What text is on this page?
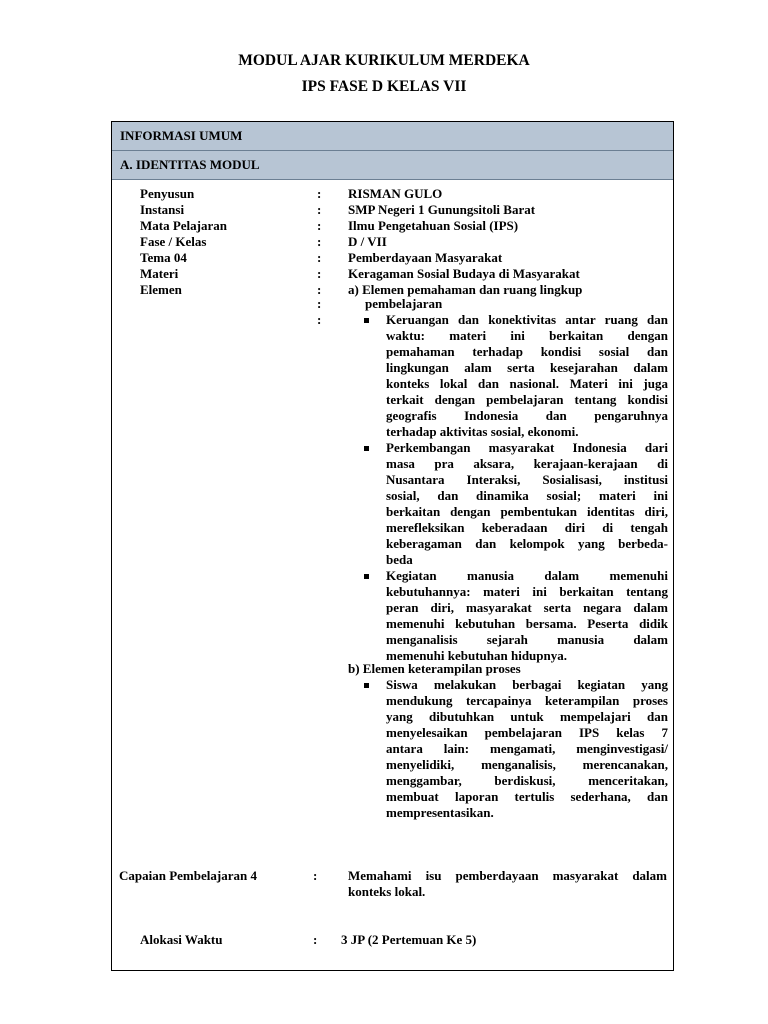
MODUL AJAR KURIKULUM MERDEKA
IPS FASE D KELAS VII
INFORMASI UMUM
A. IDENTITAS MODUL
Penyusun	: RISMAN GULO
Instansi	: SMP Negeri 1 Gunungsitoli Barat
Mata Pelajaran	: Ilmu Pengetahuan Sosial (IPS)
Fase / Kelas	: D / VII
Tema 04	: Pemberdayaan Masyarakat
Materi	: Keragaman Sosial Budaya di Masyarakat
Elemen	: a) Elemen pemahaman dan ruang lingkup
:	pembelajaran
:	Keruangan dan konektivitas antar ruang dan
waktu: materi ini berkaitan dengan
pemahaman terhadap kondisi sosial dan
lingkungan alam serta kesejarahan dalam
konteks lokal dan nasional. Materi ini juga
terkait dengan pembelajaran tentang kondisi
geografis Indonesia dan pengaruhnya
terhadap aktivitas sosial, ekonomi.
Perkembangan masyarakat Indonesia dari
masa pra aksara, kerajaan-kerajaan di
Nusantara Interaksi, Sosialisasi, institusi
sosial, dan dinamika sosial; materi ini
berkaitan dengan pembentukan identitas diri,
merefleksikan keberadaan diri di tengah
keberagaman dan kelompok yang berbeda-
beda
Kegiatan manusia dalam memenuhi
kebutuhannya: materi ini berkaitan tentang
peran diri, masyarakat serta negara dalam
memenuhi kebutuhan bersama. Peserta didik
menganalisis sejarah manusia dalam
memenuhi kebutuhan hidupnya.
b) Elemen keterampilan proses
Siswa melakukan berbagai kegiatan yang
mendukung tercapainya keterampilan proses
yang dibutuhkan untuk mempelajari dan
menyelesaikan pembelajaran IPS kelas 7
antara lain: mengamati, menginvestigasi/
menyelidiki, menganalisis, merencanakan,
menggambar, berdiskusi, menceritakan,
membuat laporan tertulis sederhana, dan
mempresentasikan.
Capaian Pembelajaran 4	: Memahami isu pemberdayaan masyarakat dalam
konteks lokal.
Alokasi Waktu	: 3 JP (2 Pertemuan Ke 5)
